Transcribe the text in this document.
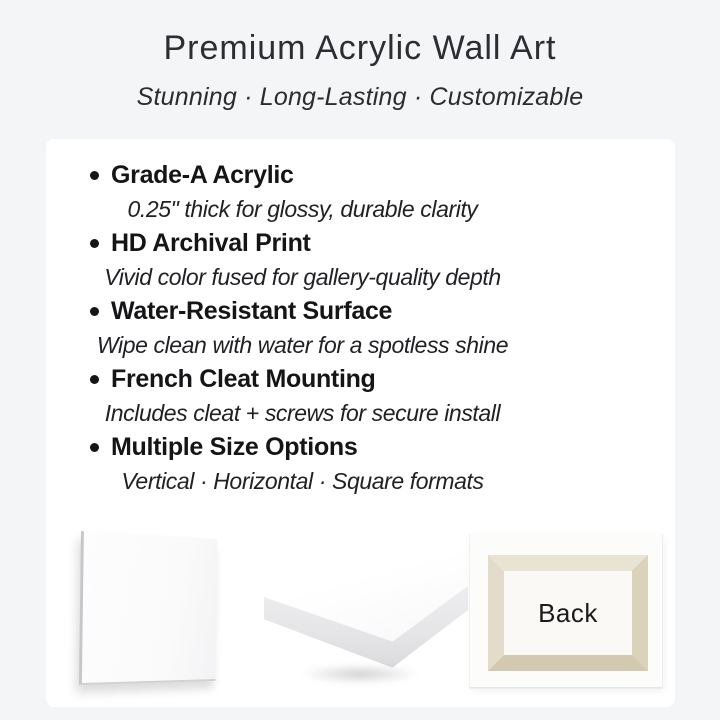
Premium Acrylic Wall Art
Stunning · Long-Lasting · Customizable
Grade-A Acrylic
0.25" thick for glossy, durable clarity
HD Archival Print
Vivid color fused for gallery-quality depth
Water-Resistant Surface
Wipe clean with water for a spotless shine
French Cleat Mounting
Includes cleat + screws for secure install
Multiple Size Options
Vertical · Horizontal · Square formats
Back
